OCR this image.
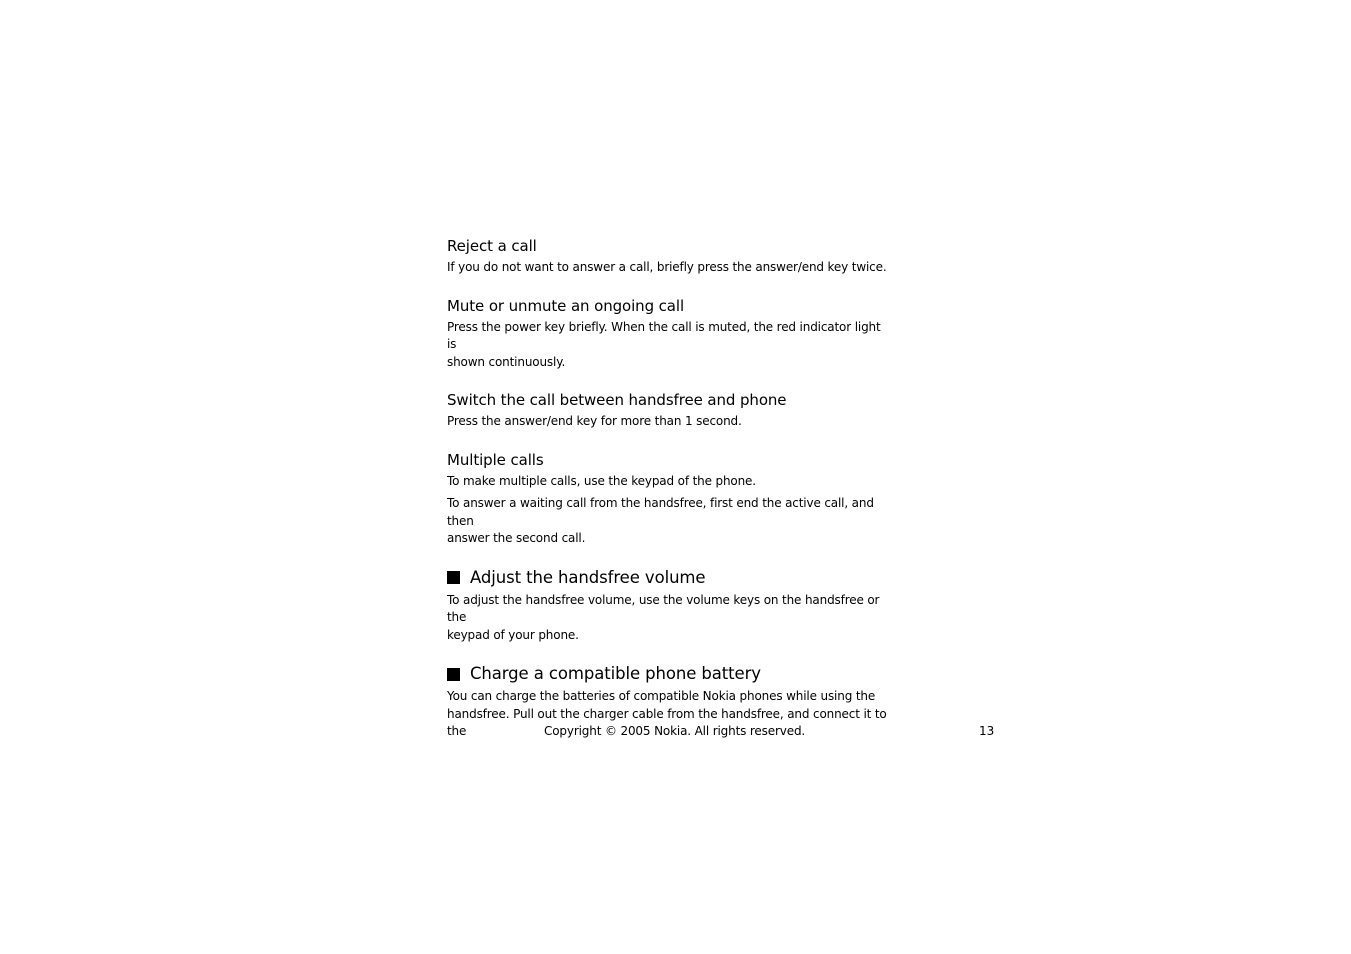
Reject a call

If you do not want to answer a call, briefly press the answer/end key twice.

Mute or unmute an ongoing call

Press the power key briefly. When the call is muted, the red indicator light is
shown continuously.

Switch the call between handsfree and phone

Press the answer/end key for more than 1 second.

Multiple calls

To make multiple calls, use the keypad of the phone.

To answer a waiting call from the handsfree, first end the active call, and then
answer the second call.

Adjust the handsfree volume

To adjust the handsfree volume, use the volume keys on the handsfree or the
keypad of your phone.

Charge a compatible phone battery

You can charge the batteries of compatible Nokia phones while using the
handsfree. Pull out the charger cable from the handsfree, and connect it to the	Copyright © 2005 Nokia. All rights reserved.	13
